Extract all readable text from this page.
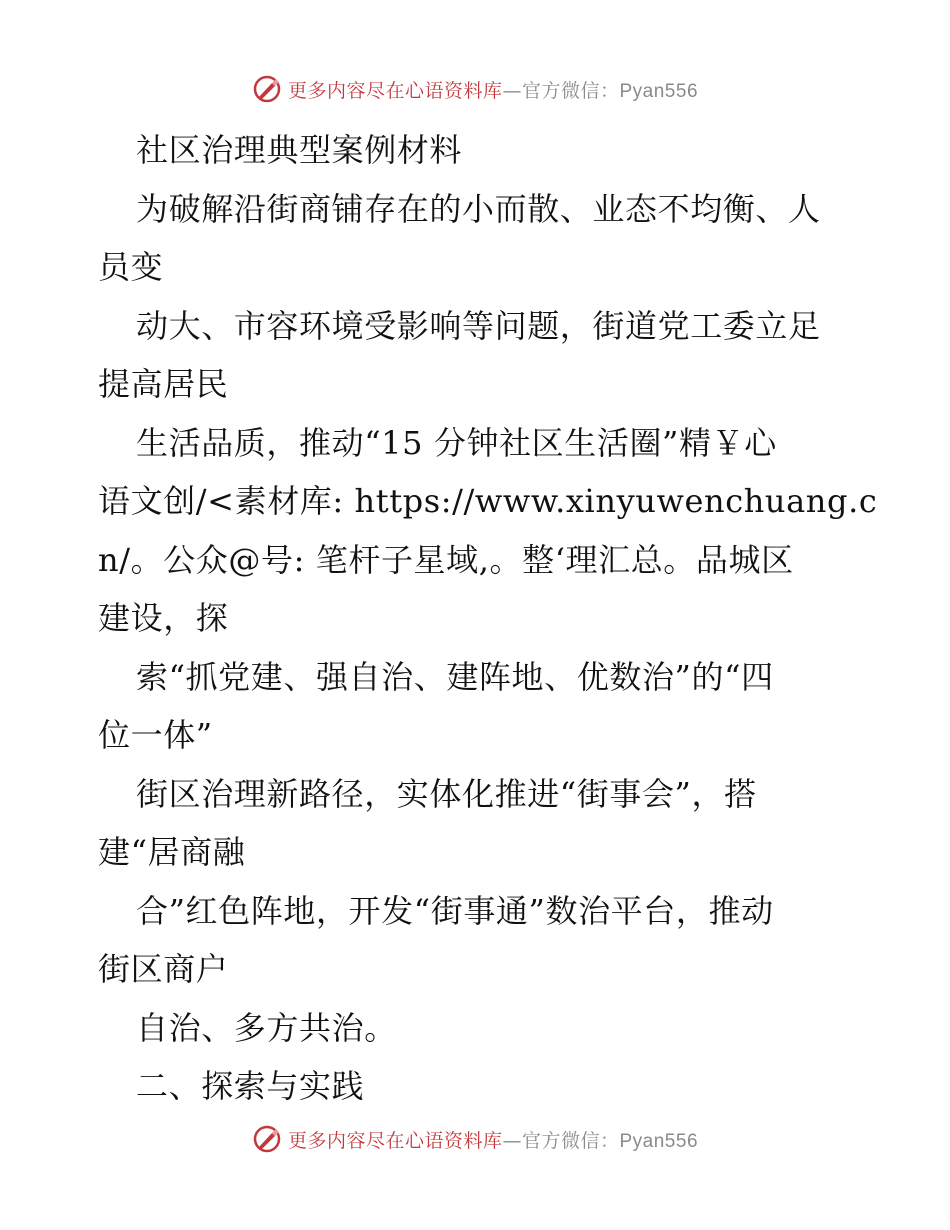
更多内容尽在心语资料库—官方微信：Pyan556
社区治理典型案例材料
为破解沿街商铺存在的小而散、业态不均衡、人
员变
动大、市容环境受影响等问题，街道党工委立足
提高居民
生活品质，推动“15 分钟社区生活圈”精￥心
语文创/<素材库: https://www.xinyuwenchuang.c
n/。公众@号: 笔杆子星域,。整‘理汇总。品城区
建设，探
索“抓党建、强自治、建阵地、优数治”的“四
位一体”
街区治理新路径，实体化推进“街事会”，搭
建“居商融
合”红色阵地，开发“街事通”数治平台，推动
街区商户
自治、多方共治。
二、探索与实践
更多内容尽在心语资料库—官方微信：Pyan556
